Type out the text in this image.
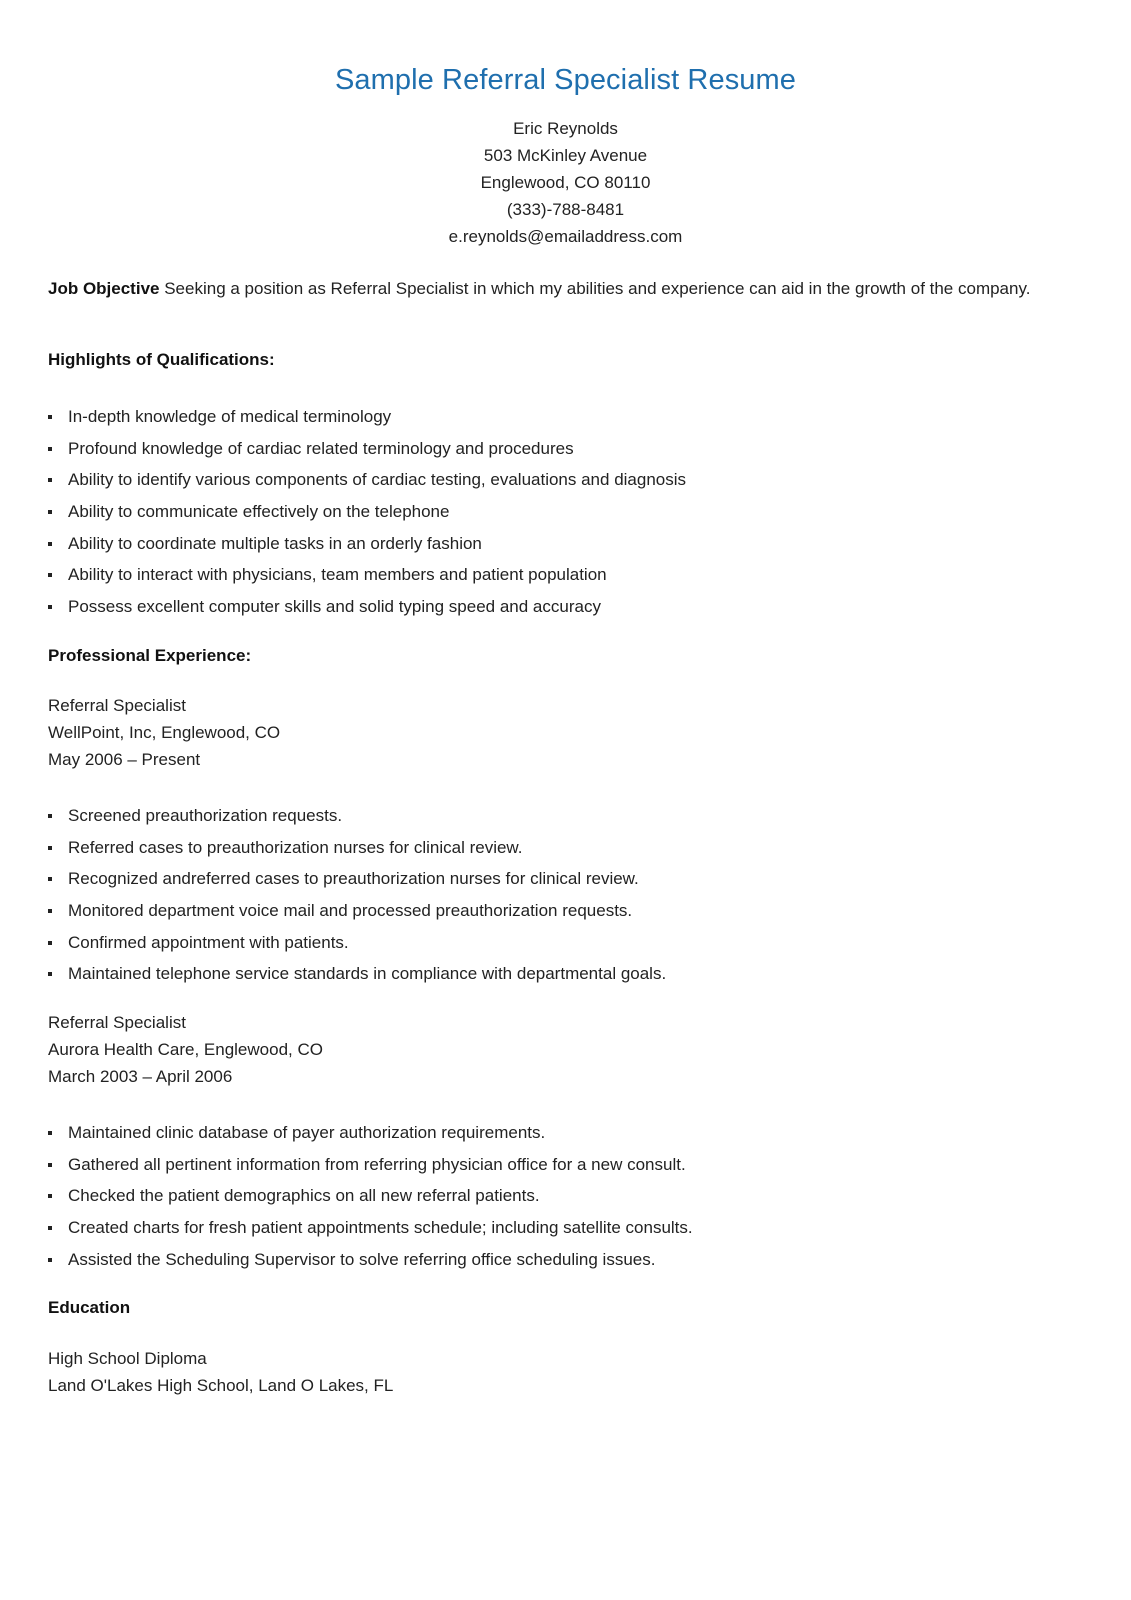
Sample Referral Specialist Resume
Eric Reynolds
503 McKinley Avenue
Englewood, CO 80110
(333)-788-8481
e.reynolds@emailaddress.com
Job Objective Seeking a position as Referral Specialist in which my abilities and experience can aid in the growth of the company.
Highlights of Qualifications:
In-depth knowledge of medical terminology
Profound knowledge of cardiac related terminology and procedures
Ability to identify various components of cardiac testing, evaluations and diagnosis
Ability to communicate effectively on the telephone
Ability to coordinate multiple tasks in an orderly fashion
Ability to interact with physicians, team members and patient population
Possess excellent computer skills and solid typing speed and accuracy
Professional Experience:
Referral Specialist
WellPoint, Inc, Englewood, CO
May 2006 – Present
Screened preauthorization requests.
Referred cases to preauthorization nurses for clinical review.
Recognized andreferred cases to preauthorization nurses for clinical review.
Monitored department voice mail and processed preauthorization requests.
Confirmed appointment with patients.
Maintained telephone service standards in compliance with departmental goals.
Referral Specialist
Aurora Health Care, Englewood, CO
March 2003 – April 2006
Maintained clinic database of payer authorization requirements.
Gathered all pertinent information from referring physician office for a new consult.
Checked the patient demographics on all new referral patients.
Created charts for fresh patient appointments schedule; including satellite consults.
Assisted the Scheduling Supervisor to solve referring office scheduling issues.
Education
High School Diploma
Land O'Lakes High School, Land O Lakes, FL
